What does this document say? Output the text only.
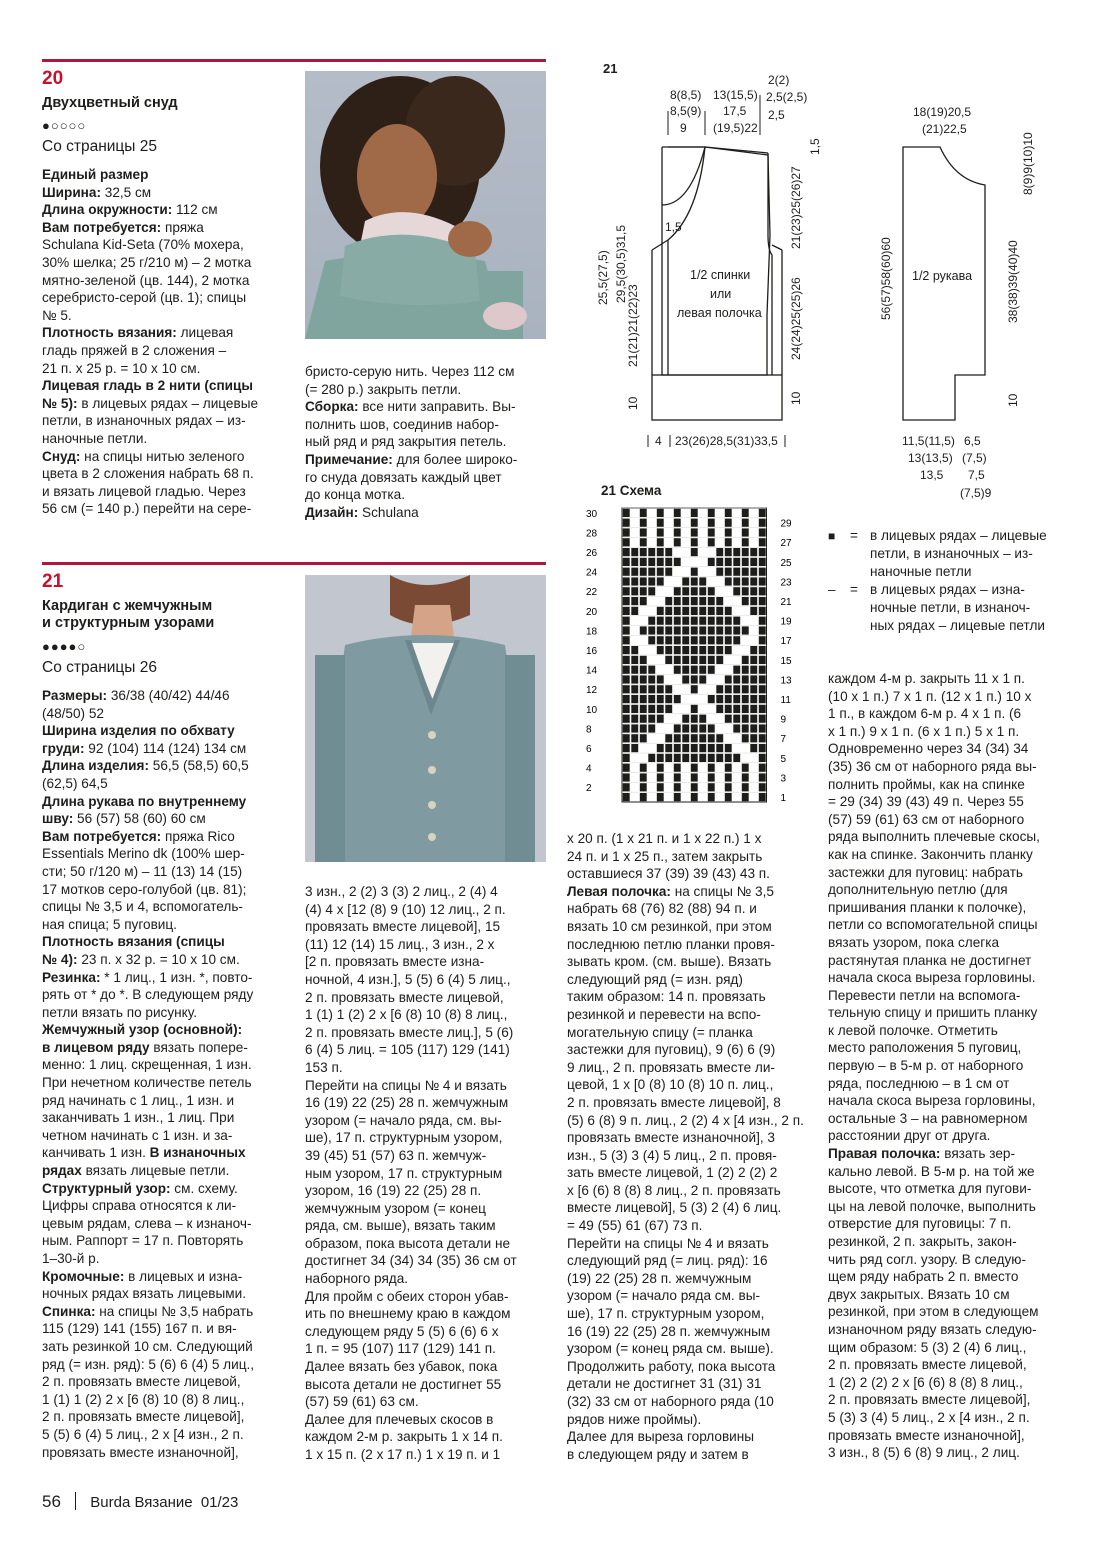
20
Двухцветный снуд
●○○○○
Со страницы 25

Единый размер

Ширина: 32,5 см

Длина окружности: 112 см

Вам потребуется: пряжа

Schulana Kid-Seta (70% мохера,

30% шелка; 25 г/210 м) – 2 мотка

мятно-зеленой (цв. 144), 2 мотка

серебристо-серой (цв. 1); спицы

№ 5.

Плотность вязания: лицевая

гладь пряжей в 2 сложения –

21 п. х 25 р. = 10 х 10 см.

Лицевая гладь в 2 нити (спицы

№ 5): в лицевых рядах – лицевые

петли, в изнаночных рядах – из-

наночные петли.

Снуд: на спицы нитью зеленого

цвета в 2 сложения набрать 68 п.

и вязать лицевой гладью. Через

56 см (= 140 р.) перейти на сере-

бристо-серую нить. Через 112 см

(= 280 р.) закрыть петли.

Сборка: все нити заправить. Вы-

полнить шов, соединив набор-

ный ряд и ряд закрытия петель.

Примечание: для более широко-

го снуда довязать каждый цвет

до конца мотка.

Дизайн: Schulana

21
Кардиган с жемчужным
и структурным узорами
●●●●○
Со страницы 26

Размеры: 36/38 (40/42) 44/46

(48/50) 52

Ширина изделия по обхвату

груди: 92 (104) 114 (124) 134 см

Длина изделия: 56,5 (58,5) 60,5

(62,5) 64,5

Длина рукава по внутреннему

шву: 56 (57) 58 (60) 60 см

Вам потребуется: пряжа Rico

Essentials Merino dk (100% шер-

сти; 50 г/120 м) – 11 (13) 14 (15)

17 мотков серо-голубой (цв. 81);

спицы № 3,5 и 4, вспомогатель-

ная спица; 5 пуговиц.

Плотность вязания (спицы

№ 4): 23 п. х 32 р. = 10 х 10 см.

Резинка: * 1 лиц., 1 изн. *, повто-

рять от * до *. В следующем ряду

петли вязать по рисунку.

Жемчужный узор (основной):

в лицевом ряду вязать попере-

менно: 1 лиц. скрещенная, 1 изн.

При нечетном количестве петель

ряд начинать с 1 лиц., 1 изн. и

заканчивать 1 изн., 1 лиц. При

четном начинать с 1 изн. и за-

канчивать 1 изн. В изнаночных

рядах вязать лицевые петли.

Структурный узор: см. схему.

Цифры справа относятся к ли-

цевым рядам, слева – к изнаноч-

ным. Раппорт = 17 п. Повторять

1–30-й р.

Кромочные: в лицевых и изна-

ночных рядах вязать лицевыми.

Спинка: на спицы № 3,5 набрать

115 (129) 141 (155) 167 п. и вя-

зать резинкой 10 см. Следующий

ряд (= изн. ряд): 5 (6) 6 (4) 5 лиц.,

2 п. провязать вместе лицевой,

1 (1) 1 (2) 2 х [6 (8) 10 (8) 8 лиц.,

2 п. провязать вместе лицевой],

5 (5) 6 (4) 5 лиц., 2 х [4 изн., 2 п.

провязать вместе изнаночной],

3 изн., 2 (2) 3 (3) 2 лиц., 2 (4) 4

(4) 4 х [12 (8) 9 (10) 12 лиц., 2 п.

провязать вместе лицевой], 15

(11) 12 (14) 15 лиц., 3 изн., 2 х

[2 п. провязать вместе изна-

ночной, 4 изн.], 5 (5) 6 (4) 5 лиц.,

2 п. провязать вместе лицевой,

1 (1) 1 (2) 2 х [6 (8) 10 (8) 8 лиц.,

2 п. провязать вместе лиц.], 5 (6)

6 (4) 5 лиц. = 105 (117) 129 (141)

153 п.

Перейти на спицы № 4 и вязать

16 (19) 22 (25) 28 п. жемчужным

узором (= начало ряда, см. вы-

ше), 17 п. структурным узором,

39 (45) 51 (57) 63 п. жемчуж-

ным узором, 17 п. структурным

узором, 16 (19) 22 (25) 28 п.

жемчужным узором (= конец

ряда, см. выше), вязать таким

образом, пока высота детали не

достигнет 34 (34) 34 (35) 36 см от

наборного ряда.

Для пройм с обеих сторон убав-

ить по внешнему краю в каждом

следующем ряду 5 (5) 6 (6) 6 х

1 п. = 95 (107) 117 (129) 141 п.

Далее вязать без убавок, пока

высота детали не достигнет 55

(57) 59 (61) 63 см.

Далее для плечевых скосов в

каждом 2-м р. закрыть 1 х 14 п.

1 х 15 п. (2 х 17 п.) 1 х 19 п. и 1

х 20 п. (1 х 21 п. и 1 х 22 п.) 1 х

24 п. и 1 х 25 п., затем закрыть

оставшиеся 37 (39) 39 (43) 43 п.

Левая полочка: на спицы № 3,5

набрать 68 (76) 82 (88) 94 п. и

вязать 10 см резинкой, при этом

последнюю петлю планки провя-

зывать кром. (см. выше). Вязать

следующий ряд (= изн. ряд)

таким образом: 14 п. провязать

резинкой и перевести на вспо-

могательную спицу (= планка

застежки для пуговиц), 9 (6) 6 (9)

9 лиц., 2 п. провязать вместе ли-

цевой, 1 х [0 (8) 10 (8) 10 п. лиц.,

2 п. провязать вместе лицевой], 8

(5) 6 (8) 9 п. лиц., 2 (2) 4 х [4 изн., 2 п.

провязать вместе изнаночной], 3

изн., 5 (3) 3 (4) 5 лиц., 2 п. провя-

зать вместе лицевой, 1 (2) 2 (2) 2

х [6 (6) 8 (8) 8 лиц., 2 п. провязать

вместе лицевой], 5 (3) 2 (4) 6 лиц.

= 49 (55) 61 (67) 73 п.

Перейти на спицы № 4 и вязать

следующий ряд (= лиц. ряд): 16

(19) 22 (25) 28 п. жемчужным

узором (= начало ряда см. вы-

ше), 17 п. структурным узором,

16 (19) 22 (25) 28 п. жемчужным

узором (= конец ряда см. выше).

Продолжить работу, пока высота

детали не достигнет 31 (31) 31

(32) 33 см от наборного ряда (10

рядов ниже проймы).

Далее для выреза горловины

в следующем ряду и затем в

каждом 4-м р. закрыть 11 х 1 п.

(10 х 1 п.) 7 х 1 п. (12 х 1 п.) 10 х

1 п., в каждом 6-м р. 4 х 1 п. (6

х 1 п.) 9 х 1 п. (6 х 1 п.) 5 х 1 п.

Одновременно через 34 (34) 34

(35) 36 см от наборного ряда вы-

полнить проймы, как на спинке

= 29 (34) 39 (43) 49 п. Через 55

(57) 59 (61) 63 см от наборного

ряда выполнить плечевые скосы,

как на спинке. Закончить планку

застежки для пуговиц: набрать

дополнительную петлю (для

пришивания планки к полочке),

петли со вспомогательной спицы

вязать узором, пока слегка

растянутая планка не достигнет

начала скоса выреза горловины.

Перевести петли на вспомога-

тельную спицу и пришить планку

к левой полочке. Отметить

место раположения 5 пуговиц,

первую – в 5-м р. от наборного

ряда, последнюю – в 1 см от

начала скоса выреза горловины,

остальные 3 – на равномерном

расстоянии друг от друга.

Правая полочка: вязать зер-

кально левой. В 5-м р. на той же

высоте, что отметка для пугови-

цы на левой полочке, выполнить

отверстие для пуговицы: 7 п.

резинкой, 2 п. закрыть, закон-

чить ряд согл. узору. В следую-

щем ряду набрать 2 п. вместо

двух закрытых. Вязать 10 см

резинкой, при этом в следующем

изнаночном ряду вязать следую-

щим образом: 5 (3) 2 (4) 6 лиц.,

2 п. провязать вместе лицевой,

1 (2) 2 (2) 2 х [6 (6) 8 (8) 8 лиц.,

2 п. провязать вместе лицевой],

5 (3) 3 (4) 5 лиц., 2 х [4 изн., 2 п.

провязать вместе изнаночной],

3 изн., 8 (5) 6 (8) 9 лиц., 2 лиц.

21
8(8,5)
8,5(9)
9
13(15,5)
17,5
(19,5)22
2(2)
2,5(2,5)
2,5
1/2 спинки
или
левая полочка
1,5
25,5(27,5) 29,5(30,5)31,5
21(21)21(22)23
10
21(23)25(26)27
1,5
24(24)25(25)26
10
4 23(26)28,5(31)33,5
18(19)20,5
(21)22,5
1/2 рукава
56(57)58(60)60
8(9)9(10)10
38(38)39(40)40
10
11,5(11,5)
13(13,5)
13,5
6,5
(7,5)
7,5
(7,5)9
21 Схема
30
28
26
24
22
20
18
16
14
12
10
8
6
4
2
29
27
25
23
21
19
17
15
13
11
9
7
5
3
1
■	= в лицевых рядах – лицевые
петли, в изнаночных – из-
наночные петли
–	= в лицевых рядах – изна-
ночные петли, в изнаноч-
ных рядах – лицевые петли
56 Burda Вязание 01/23
